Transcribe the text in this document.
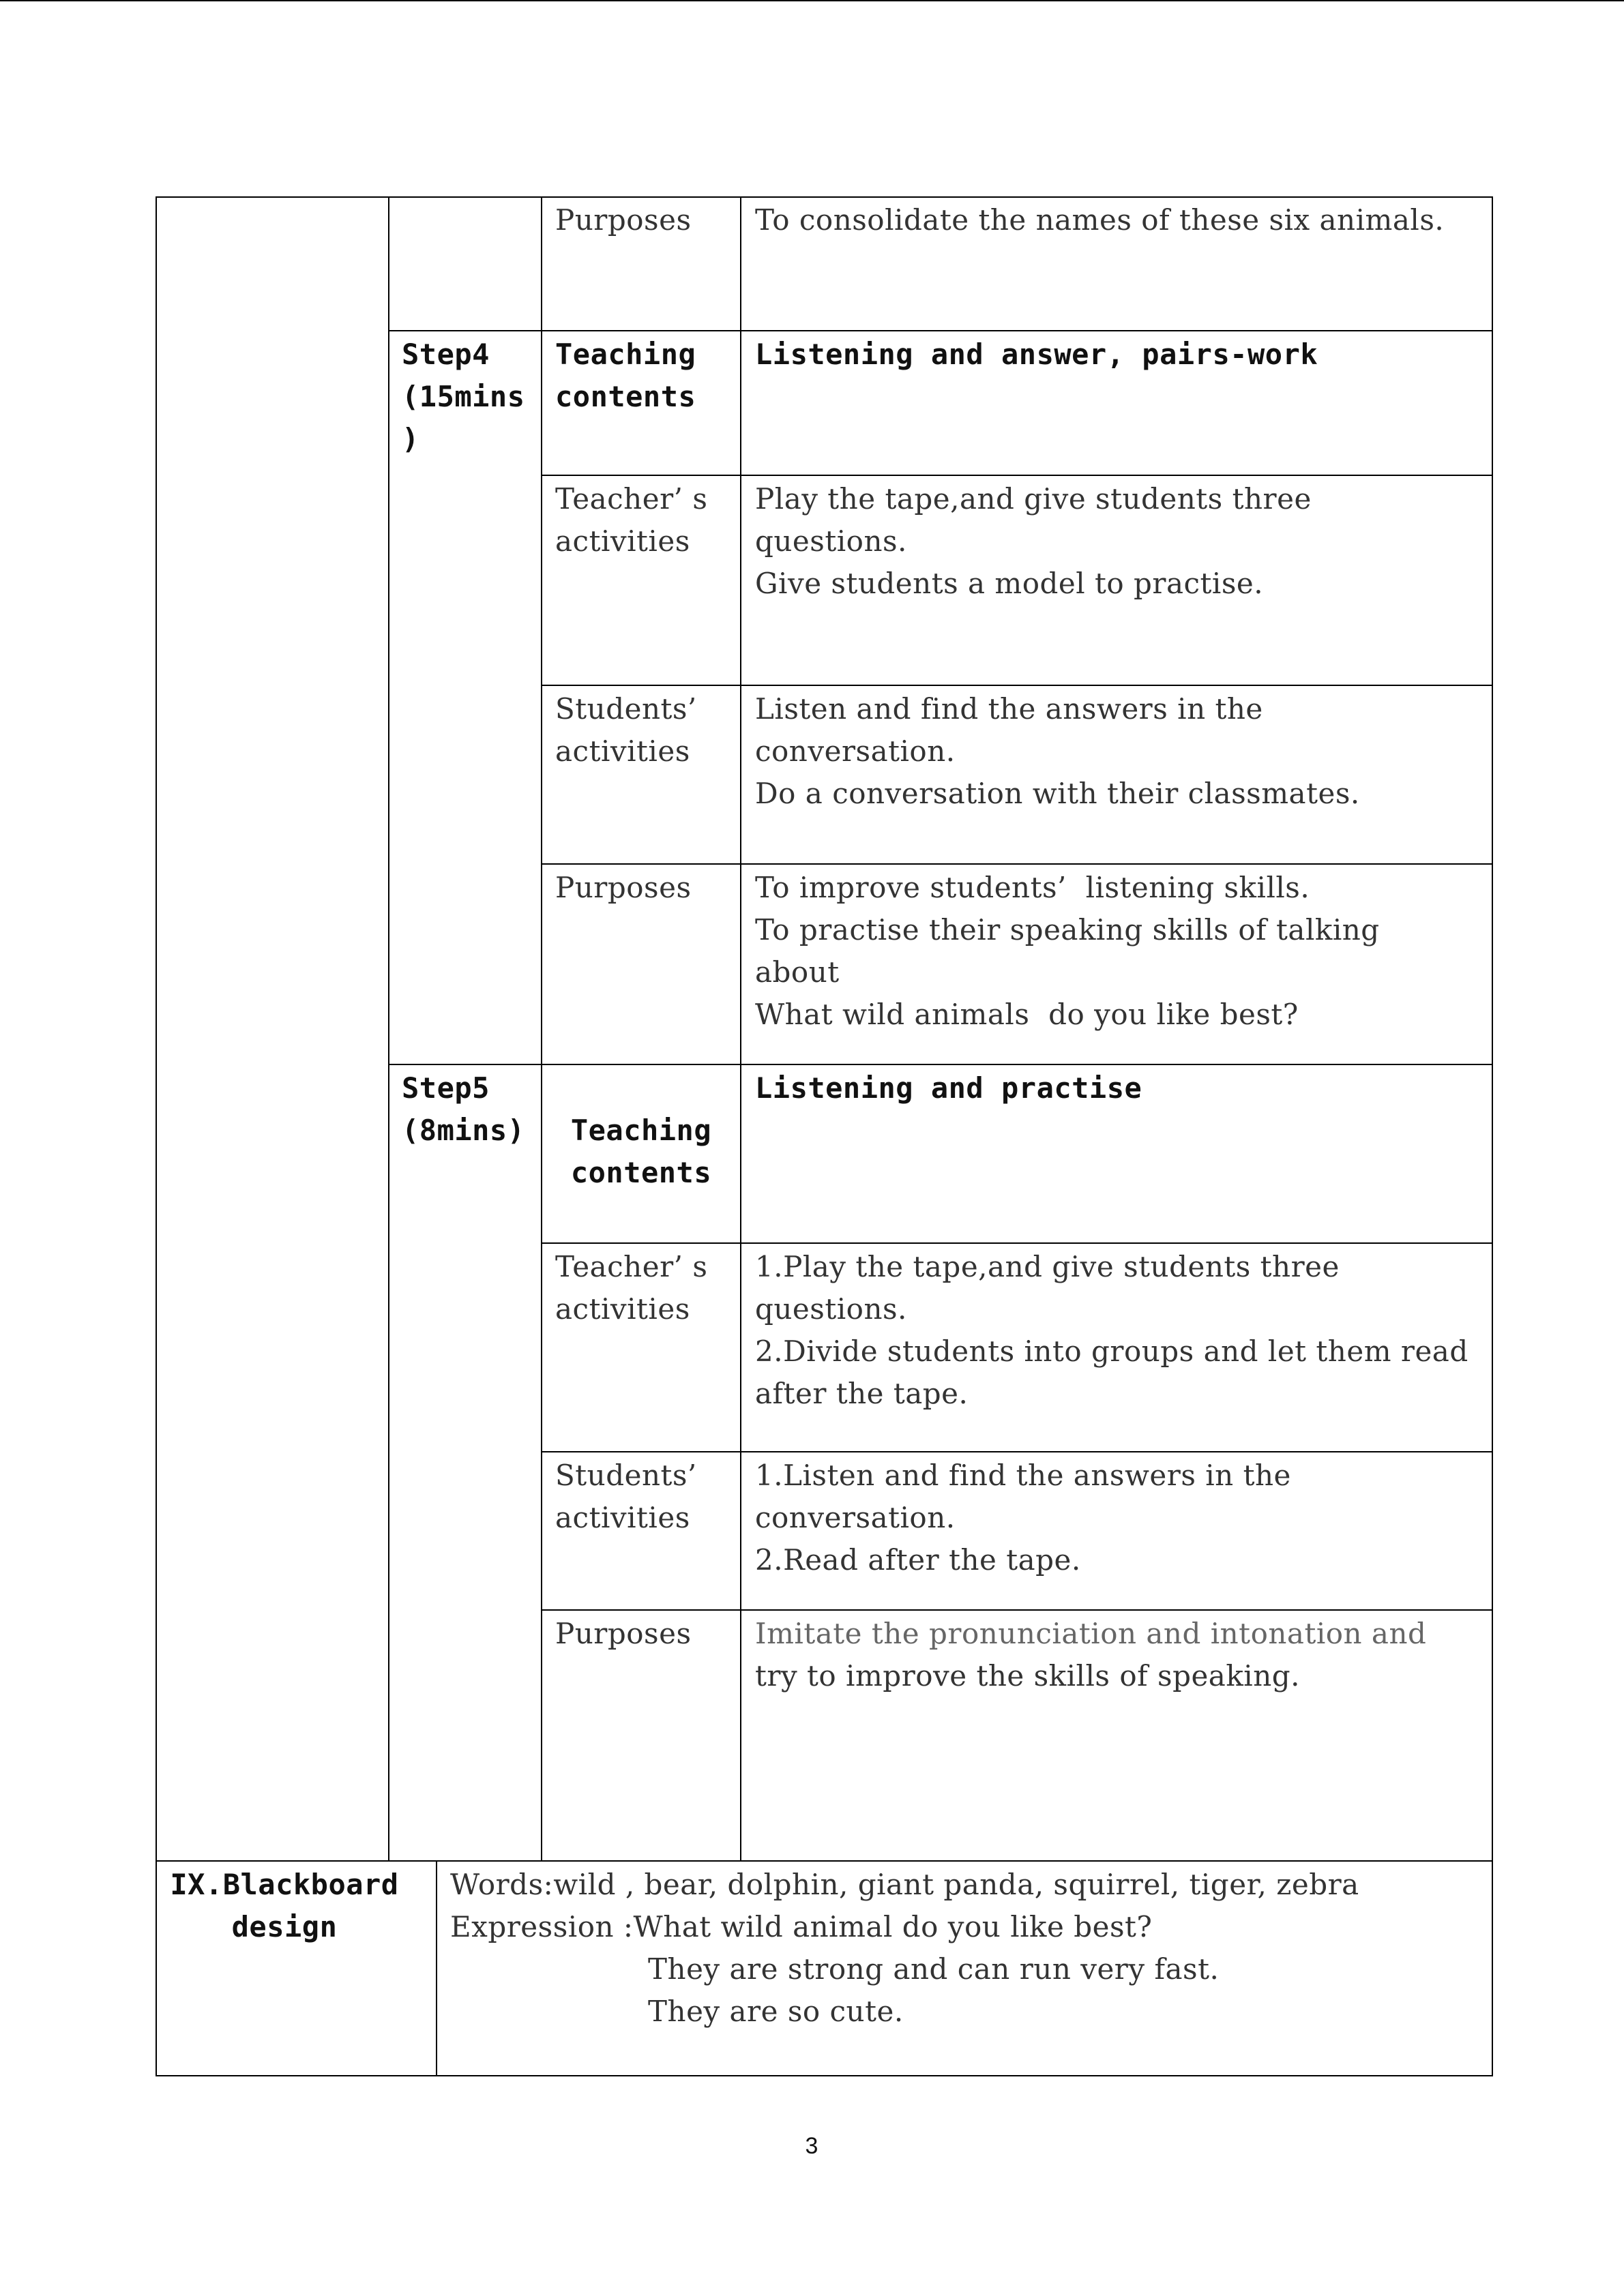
Purposes To consolidate the names of these six animals.
Step4
(15mins
)
Teaching
contents
Listening and answer, pairs-work
Teacher’ s
activities
Play the tape,and give students three
questions.
Give students a model to practise.
Students’
activities
Listen and find the answers in the
conversation.
Do a conversation with their classmates.
Purposes To improve students’  listening skills.
To practise their speaking skills of talking
about
What wild animals  do you like best?
Step5
(8mins)	Teaching
contents
Listening and practise
Teacher’ s
activities
1.Play the tape,and give students three
questions.
2.Divide students into groups and let them read
after the tape.
Students’
activities
1.Listen and find the answers in the
conversation.
2.Read after the tape.
Purposes Imitate the pronunciation and intonation and
try to improve the skills of speaking.
IX.Blackboard
design
Words:wild , bear, dolphin, giant panda, squirrel, tiger, zebra
Expression :What wild animal do you like best?
They are strong and can run very fast.
They are so cute.
3
